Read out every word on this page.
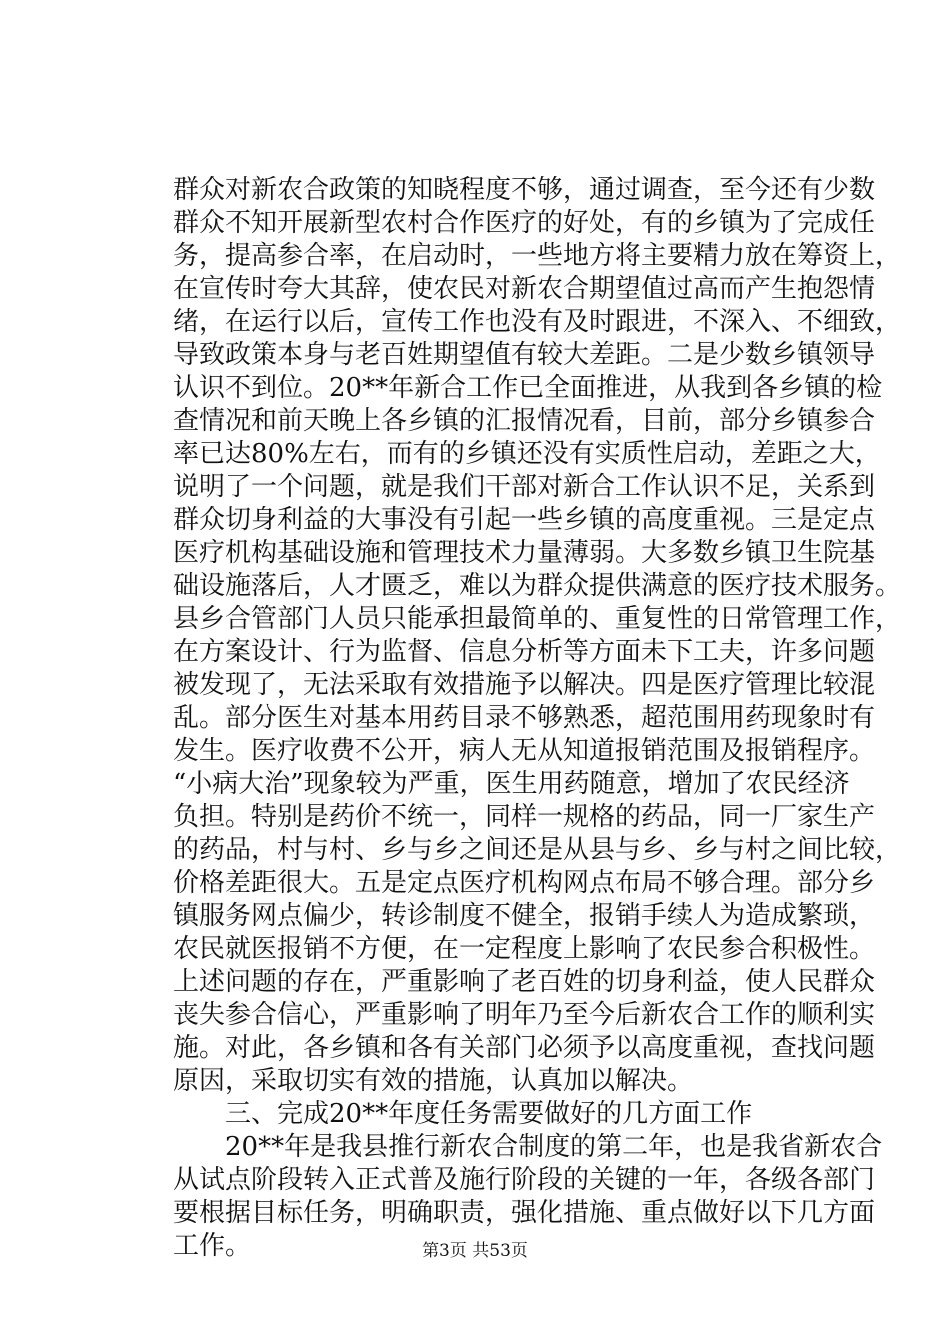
群众对新农合政策的知晓程度不够，通过调查，至今还有少数

群众不知开展新型农村合作医疗的好处，有的乡镇为了完成任

务，提高参合率，在启动时，一些地方将主要精力放在筹资上，

在宣传时夸大其辞，使农民对新农合期望值过高而产生抱怨情

绪，在运行以后，宣传工作也没有及时跟进，不深入、不细致，

导致政策本身与老百姓期望值有较大差距。二是少数乡镇领导

认识不到位。20**年新合工作已全面推进，从我到各乡镇的检

查情况和前天晚上各乡镇的汇报情况看，目前，部分乡镇参合

率已达80%左右，而有的乡镇还没有实质性启动，差距之大，

说明了一个问题，就是我们干部对新合工作认识不足，关系到

群众切身利益的大事没有引起一些乡镇的高度重视。三是定点

医疗机构基础设施和管理技术力量薄弱。大多数乡镇卫生院基

础设施落后，人才匮乏，难以为群众提供满意的医疗技术服务。

县乡合管部门人员只能承担最简单的、重复性的日常管理工作，

在方案设计、行为监督、信息分析等方面未下工夫，许多问题

被发现了，无法采取有效措施予以解决。四是医疗管理比较混

乱。部分医生对基本用药目录不够熟悉，超范围用药现象时有

发生。医疗收费不公开，病人无从知道报销范围及报销程序。

“小病大治”现象较为严重，医生用药随意，增加了农民经济

负担。特别是药价不统一，同样一规格的药品，同一厂家生产

的药品，村与村、乡与乡之间还是从县与乡、乡与村之间比较，

价格差距很大。五是定点医疗机构网点布局不够合理。部分乡

镇服务网点偏少，转诊制度不健全，报销手续人为造成繁琐，

农民就医报销不方便，在一定程度上影响了农民参合积极性。

上述问题的存在，严重影响了老百姓的切身利益，使人民群众

丧失参合信心，严重影响了明年乃至今后新农合工作的顺利实

施。对此，各乡镇和各有关部门必须予以高度重视，查找问题

原因，采取切实有效的措施，认真加以解决。

　　三、完成20**年度任务需要做好的几方面工作

　　20**年是我县推行新农合制度的第二年，也是我省新农合

从试点阶段转入正式普及施行阶段的关键的一年，各级各部门

要根据目标任务，明确职责，强化措施、重点做好以下几方面

工作。	第3页 共53页
